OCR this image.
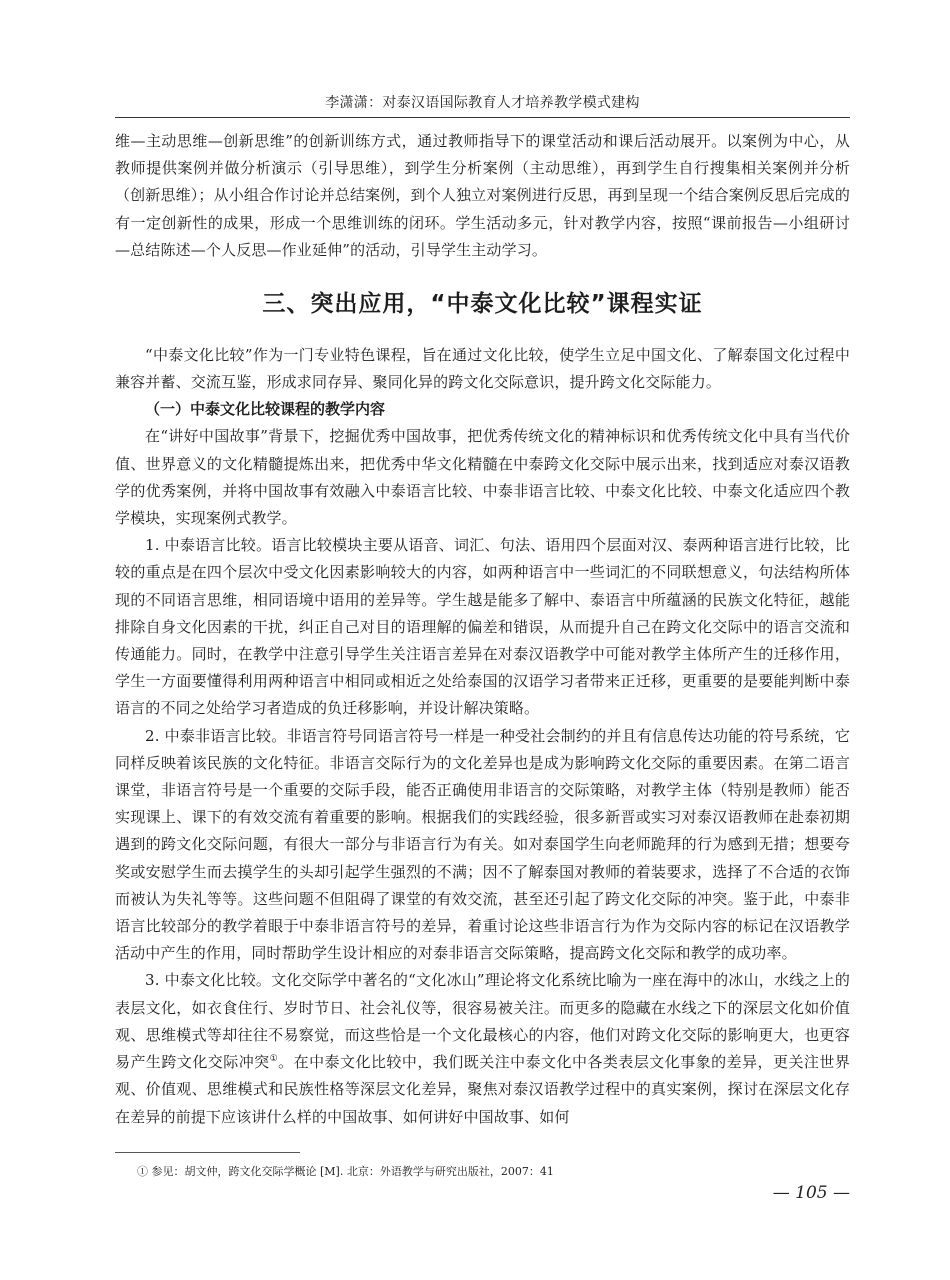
李潇潇：对泰汉语国际教育人才培养教学模式建构

维—主动思维—创新思维”的创新训练方式，通过教师指导下的课堂活动和课后活动展开。以案例为中心，从教师提供案例并做分析演示（引导思维），到学生分析案例（主动思维），再到学生自行搜集相关案例并分析（创新思维）；从小组合作讨论并总结案例，到个人独立对案例进行反思，再到呈现一个结合案例反思后完成的有一定创新性的成果，形成一个思维训练的闭环。学生活动多元，针对教学内容，按照“课前报告—小组研讨—总结陈述—个人反思—作业延伸”的活动，引导学生主动学习。

三、突出应用，“中泰文化比较”课程实证

“中泰文化比较”作为一门专业特色课程，旨在通过文化比较，使学生立足中国文化、了解泰国文化过程中兼容并蓄、交流互鉴，形成求同存异、聚同化异的跨文化交际意识，提升跨文化交际能力。

（一）中泰文化比较课程的教学内容

在“讲好中国故事”背景下，挖掘优秀中国故事，把优秀传统文化的精神标识和优秀传统文化中具有当代价值、世界意义的文化精髓提炼出来，把优秀中华文化精髓在中泰跨文化交际中展示出来，找到适应对泰汉语教学的优秀案例，并将中国故事有效融入中泰语言比较、中泰非语言比较、中泰文化比较、中泰文化适应四个教学模块，实现案例式教学。

1. 中泰语言比较。语言比较模块主要从语音、词汇、句法、语用四个层面对汉、泰两种语言进行比较，比较的重点是在四个层次中受文化因素影响较大的内容，如两种语言中一些词汇的不同联想意义，句法结构所体现的不同语言思维，相同语境中语用的差异等。学生越是能多了解中、泰语言中所蕴涵的民族文化特征，越能排除自身文化因素的干扰，纠正自己对目的语理解的偏差和错误，从而提升自己在跨文化交际中的语言交流和传通能力。同时，在教学中注意引导学生关注语言差异在对泰汉语教学中可能对教学主体所产生的迁移作用，学生一方面要懂得利用两种语言中相同或相近之处给泰国的汉语学习者带来正迁移，更重要的是要能判断中泰语言的不同之处给学习者造成的负迁移影响，并设计解决策略。

2. 中泰非语言比较。非语言符号同语言符号一样是一种受社会制约的并且有信息传达功能的符号系统，它同样反映着该民族的文化特征。非语言交际行为的文化差异也是成为影响跨文化交际的重要因素。在第二语言课堂，非语言符号是一个重要的交际手段，能否正确使用非语言的交际策略，对教学主体（特别是教师）能否实现课上、课下的有效交流有着重要的影响。根据我们的实践经验，很多新晋或实习对泰汉语教师在赴泰初期遇到的跨文化交际问题，有很大一部分与非语言行为有关。如对泰国学生向老师跪拜的行为感到无措；想要夸奖或安慰学生而去摸学生的头却引起学生强烈的不满；因不了解泰国对教师的着装要求，选择了不合适的衣饰而被认为失礼等等。这些问题不但阻碍了课堂的有效交流，甚至还引起了跨文化交际的冲突。鉴于此，中泰非语言比较部分的教学着眼于中泰非语言符号的差异，着重讨论这些非语言行为作为交际内容的标记在汉语教学活动中产生的作用，同时帮助学生设计相应的对泰非语言交际策略，提高跨文化交际和教学的成功率。

3. 中泰文化比较。文化交际学中著名的“文化冰山”理论将文化系统比喻为一座在海中的冰山，水线之上的表层文化，如衣食住行、岁时节日、社会礼仪等，很容易被关注。而更多的隐藏在水线之下的深层文化如价值观、思维模式等却往往不易察觉，而这些恰是一个文化最核心的内容，他们对跨文化交际的影响更大，也更容易产生跨文化交际冲突①。在中泰文化比较中，我们既关注中泰文化中各类表层文化事象的差异，更关注世界观、价值观、思维模式和民族性格等深层文化差异，聚焦对泰汉语教学过程中的真实案例，探讨在深层文化存在差异的前提下应该讲什么样的中国故事、如何讲好中国故事、如何

① 参见：胡文仲，跨文化交际学概论 [M]. 北京：外语教学与研究出版社，2007：41
— 105 —
